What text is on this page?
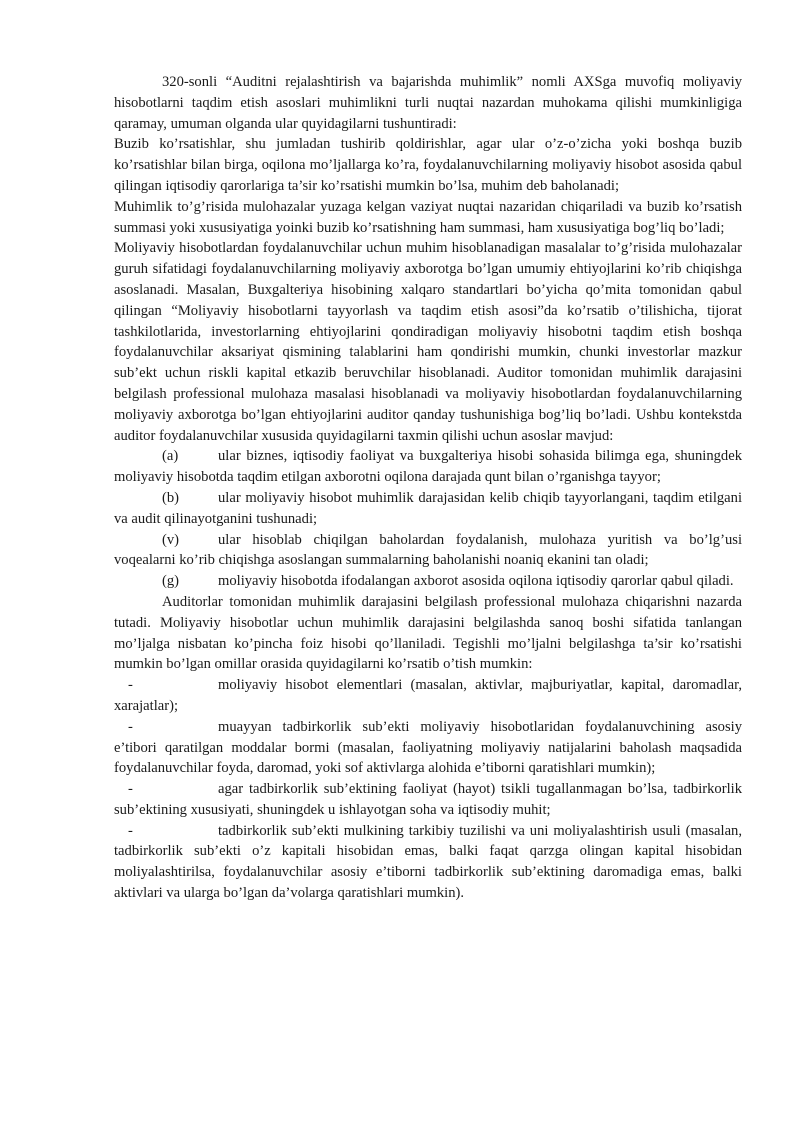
320-sonli “Auditni rejalashtirish va bajarishda muhimlik” nomli AXSga muvofiq moliyaviy hisobotlarni taqdim etish asoslari muhimlikni turli nuqtai nazardan muhokama qilishi mumkinligiga qaramay, umuman olganda ular quyidagilarni tushuntiradi:

Buzib ko’rsatishlar, shu jumladan tushirib qoldirishlar, agar ular o’z-o’zicha yoki boshqa buzib ko’rsatishlar bilan birga, oqilona mo’ljallarga ko’ra, foydalanuvchilarning moliyaviy hisobot asosida qabul qilingan iqtisodiy qarorlariga ta’sir ko’rsatishi mumkin bo’lsa, muhim deb baholanadi;

Muhimlik to’g’risida mulohazalar yuzaga kelgan vaziyat nuqtai nazaridan chiqariladi va buzib ko’rsatish summasi yoki xususiyatiga yoinki buzib ko’rsatishning ham summasi, ham xususiyatiga bog’liq bo’ladi;

Moliyaviy hisobotlardan foydalanuvchilar uchun muhim hisoblanadigan masalalar to’g’risida mulohazalar guruh sifatidagi foydalanuvchilarning moliyaviy axborotga bo’lgan umumiy ehtiyojlarini ko’rib chiqishga asoslanadi. Masalan, Buxgalteriya hisobining xalqaro standartlari bo’yicha qo’mita tomonidan qabul qilingan “Moliyaviy hisobotlarni tayyorlash va taqdim etish asosi”da ko’rsatib o’tilishicha, tijorat tashkilotlarida, investorlarning ehtiyojlarini qondiradigan moliyaviy hisobotni taqdim etish boshqa foydalanuvchilar aksariyat qismining talablarini ham qondirishi mumkin, chunki investorlar mazkur sub’ekt uchun riskli kapital etkazib beruvchilar hisoblanadi. Auditor tomonidan muhimlik darajasini belgilash professional mulohaza masalasi hisoblanadi va moliyaviy hisobotlardan foydalanuvchilarning moliyaviy axborotga bo’lgan ehtiyojlarini auditor qanday tushunishiga bog’liq bo’ladi. Ushbu kontekstda auditor foydalanuvchilar xususida quyidagilarni taxmin qilishi uchun asoslar mavjud:

(a)	ular biznes, iqtisodiy faoliyat va buxgalteriya hisobi sohasida bilimga ega, shuningdek moliyaviy hisobotda taqdim etilgan axborotni oqilona darajada qunt bilan o’rganishga tayyor;

(b)	ular moliyaviy hisobot muhimlik darajasidan kelib chiqib tayyorlangani, taqdim etilgani va audit qilinayotganini tushunadi;

(v)	ular hisoblab chiqilgan baholardan foydalanish, mulohaza yuritish va bo’lg’usi voqealarni ko’rib chiqishga asoslangan summalarning baholanishi noaniq ekanini tan oladi;

(g)	moliyaviy hisobotda ifodalangan axborot asosida oqilona iqtisodiy qarorlar qabul qiladi.

Auditorlar tomonidan muhimlik darajasini belgilash professional mulohaza chiqarishni nazarda tutadi. Moliyaviy hisobotlar uchun muhimlik darajasini belgilashda sanoq boshi sifatida tanlangan mo’ljalga nisbatan ko’pincha foiz hisobi qo’llaniladi. Tegishli mo’ljalni belgilashga ta’sir ko’rsatishi mumkin bo’lgan omillar orasida quyidagilarni ko’rsatib o’tish mumkin:

-	moliyaviy hisobot elementlari (masalan, aktivlar, majburiyatlar, kapital, daromadlar, xarajatlar);

-	muayyan tadbirkorlik sub’ekti moliyaviy hisobotlaridan foydalanuvchining asosiy e’tibori qaratilgan moddalar bormi (masalan, faoliyatning moliyaviy natijalarini baholash maqsadida foydalanuvchilar foyda, daromad, yoki sof aktivlarga alohida e’tiborni qaratishlari mumkin);

-	agar tadbirkorlik sub’ektining faoliyat (hayot) tsikli tugallanmagan bo’lsa, tadbirkorlik sub’ektining xususiyati, shuningdek u ishlayotgan soha va iqtisodiy muhit;

-	tadbirkorlik sub’ekti mulkining tarkibiy tuzilishi va uni moliyalashtirish usuli (masalan, tadbirkorlik sub’ekti o’z kapitali hisobidan emas, balki faqat qarzga olingan kapital hisobidan moliyalashtirilsa, foydalanuvchilar asosiy e’tiborni tadbirkorlik sub’ektining daromadiga emas, balki aktivlari va ularga bo’lgan da’volarga qaratishlari mumkin).
